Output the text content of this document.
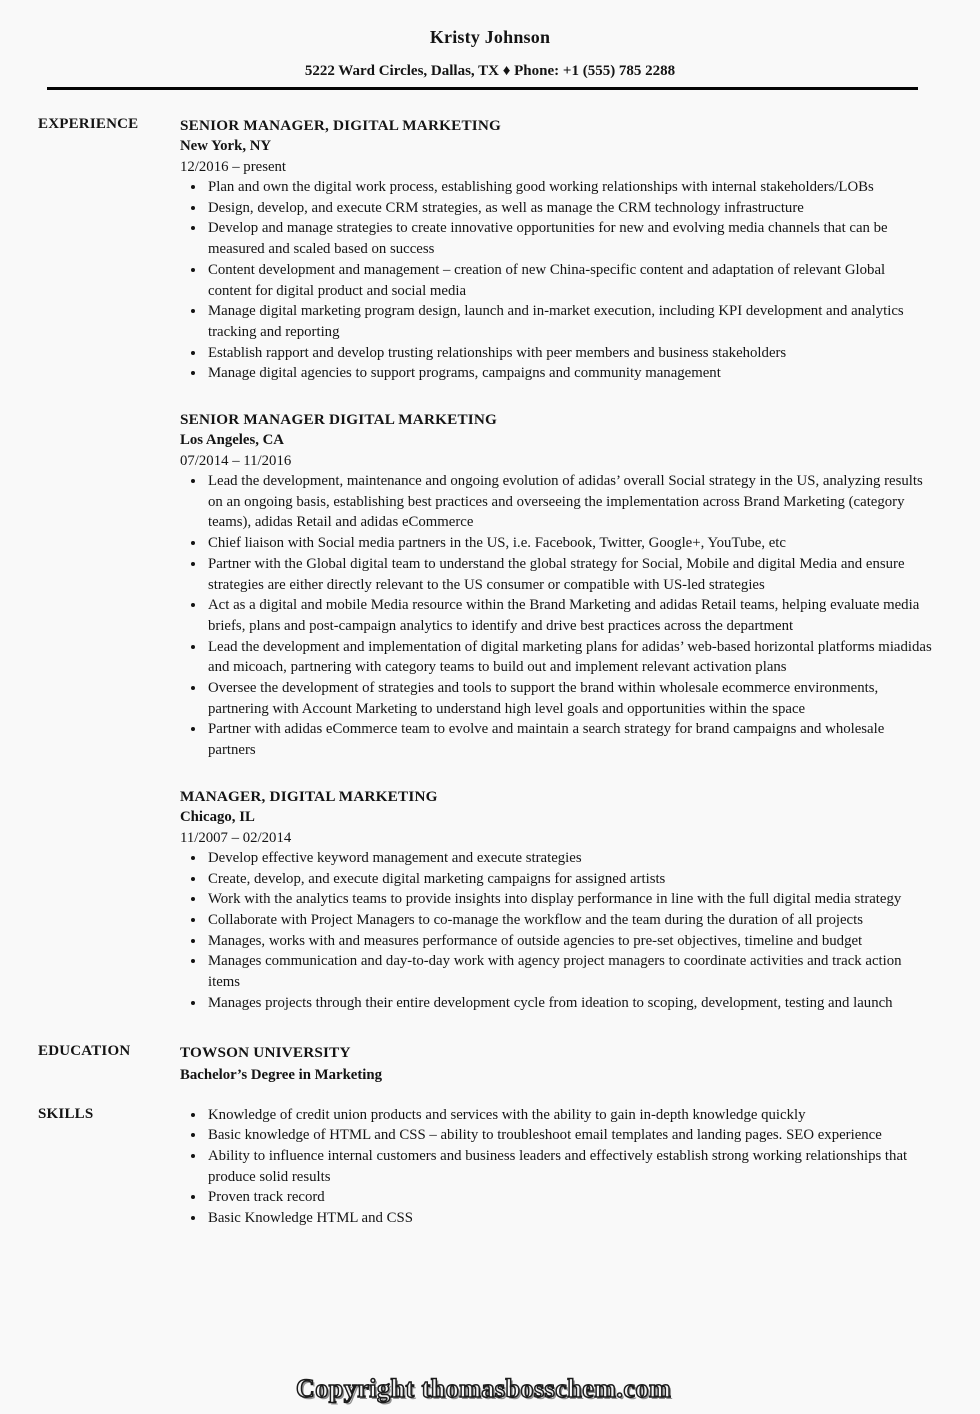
Kristy Johnson
5222 Ward Circles, Dallas, TX ♦ Phone: +1 (555) 785 2288
EXPERIENCE	SENIOR MANAGER, DIGITAL MARKETING
New York, NY
12/2016 – present
• Plan and own the digital work process, establishing good working relationships with internal stakeholders/LOBs
• Design, develop, and execute CRM strategies, as well as manage the CRM technology infrastructure
• Develop and manage strategies to create innovative opportunities for new and evolving media channels that can be measured and scaled based on success
• Content development and management – creation of new China-specific content and adaptation of relevant Global content for digital product and social media
• Manage digital marketing program design, launch and in-market execution, including KPI development and analytics tracking and reporting
• Establish rapport and develop trusting relationships with peer members and business stakeholders
• Manage digital agencies to support programs, campaigns and community management
SENIOR MANAGER DIGITAL MARKETING
Los Angeles, CA
07/2014 – 11/2016
• Lead the development, maintenance and ongoing evolution of adidas’ overall Social strategy in the US, analyzing results on an ongoing basis, establishing best practices and overseeing the implementation across Brand Marketing (category teams), adidas Retail and adidas eCommerce
• Chief liaison with Social media partners in the US, i.e. Facebook, Twitter, Google+, YouTube, etc
• Partner with the Global digital team to understand the global strategy for Social, Mobile and digital Media and ensure strategies are either directly relevant to the US consumer or compatible with US-led strategies
• Act as a digital and mobile Media resource within the Brand Marketing and adidas Retail teams, helping evaluate media briefs, plans and post-campaign analytics to identify and drive best practices across the department
• Lead the development and implementation of digital marketing plans for adidas’ web-based horizontal platforms miadidas and micoach, partnering with category teams to build out and implement relevant activation plans
• Oversee the development of strategies and tools to support the brand within wholesale ecommerce environments, partnering with Account Marketing to understand high level goals and opportunities within the space
• Partner with adidas eCommerce team to evolve and maintain a search strategy for brand campaigns and wholesale partners
MANAGER, DIGITAL MARKETING
Chicago, IL
11/2007 – 02/2014
• Develop effective keyword management and execute strategies
• Create, develop, and execute digital marketing campaigns for assigned artists
• Work with the analytics teams to provide insights into display performance in line with the full digital media strategy
• Collaborate with Project Managers to co-manage the workflow and the team during the duration of all projects
• Manages, works with and measures performance of outside agencies to pre-set objectives, timeline and budget
• Manages communication and day-to-day work with agency project managers to coordinate activities and track action items
• Manages projects through their entire development cycle from ideation to scoping, development, testing and launch
EDUCATION	TOWSON UNIVERSITY
Bachelor’s Degree in Marketing
SKILLS	• Knowledge of credit union products and services with the ability to gain in-depth knowledge quickly
• Basic knowledge of HTML and CSS – ability to troubleshoot email templates and landing pages. SEO experience
• Ability to influence internal customers and business leaders and effectively establish strong working relationships that produce solid results
• Proven track record
• Basic Knowledge HTML and CSS
Copyright thomasbosschem.com
